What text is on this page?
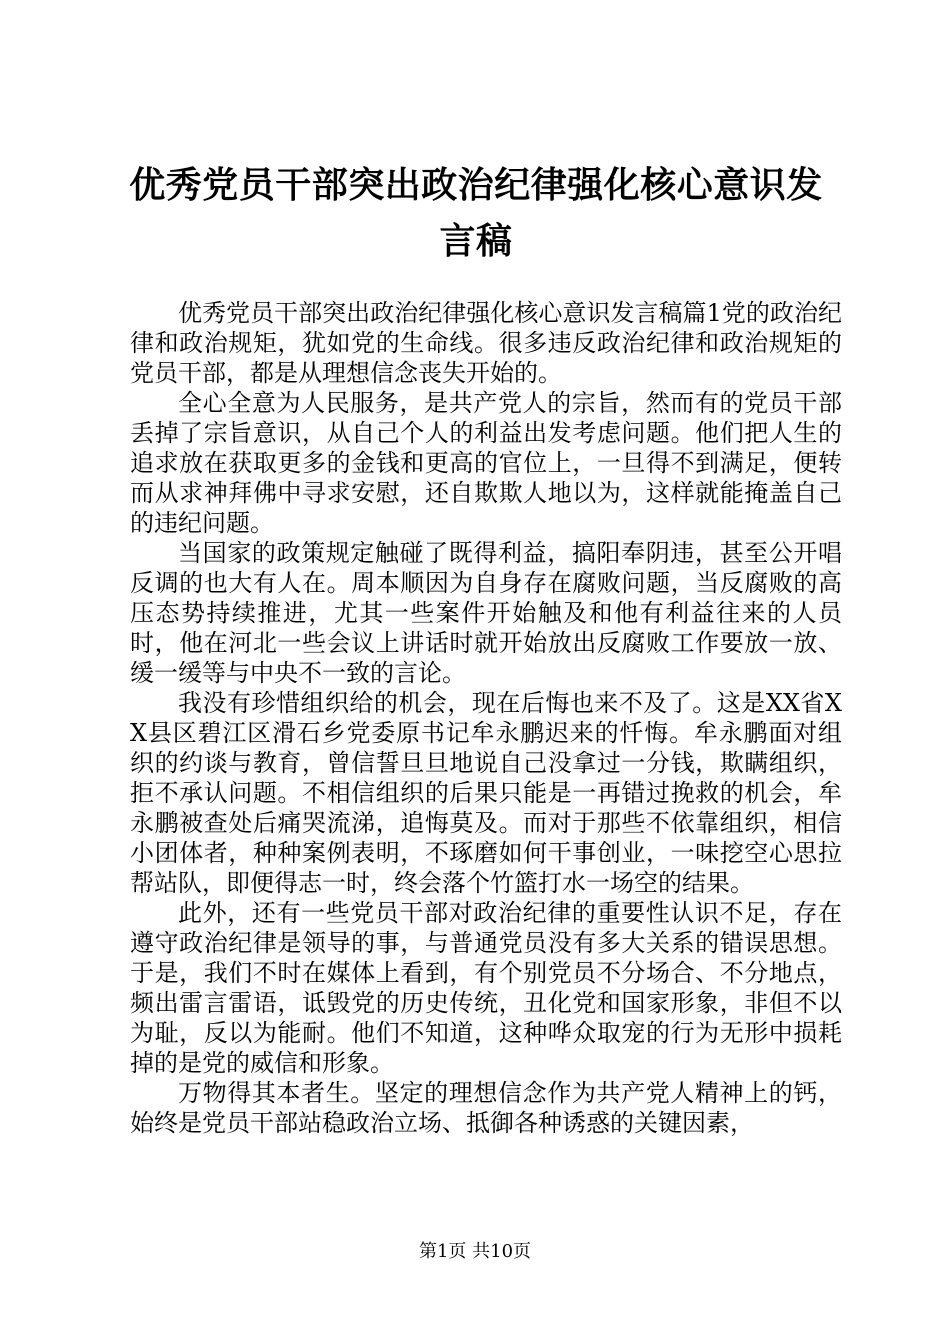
优秀党员干部突出政治纪律强化核心意识发言稿

优秀党员干部突出政治纪律强化核心意识发言稿篇1党的政治纪律和政治规矩，犹如党的生命线。很多违反政治纪律和政治规矩的党员干部，都是从理想信念丧失开始的。

全心全意为人民服务，是共产党人的宗旨，然而有的党员干部丢掉了宗旨意识，从自己个人的利益出发考虑问题。他们把人生的追求放在获取更多的金钱和更高的官位上，一旦得不到满足，便转而从求神拜佛中寻求安慰，还自欺欺人地以为，这样就能掩盖自己的违纪问题。

当国家的政策规定触碰了既得利益，搞阳奉阴违，甚至公开唱反调的也大有人在。周本顺因为自身存在腐败问题，当反腐败的高压态势持续推进，尤其一些案件开始触及和他有利益往来的人员时，他在河北一些会议上讲话时就开始放出反腐败工作要放一放、缓一缓等与中央不一致的言论。

我没有珍惜组织给的机会，现在后悔也来不及了。这是XX省XX县区碧江区滑石乡党委原书记牟永鹏迟来的忏悔。牟永鹏面对组织的约谈与教育，曾信誓旦旦地说自己没拿过一分钱，欺瞒组织，拒不承认问题。不相信组织的后果只能是一再错过挽救的机会，牟永鹏被查处后痛哭流涕，追悔莫及。而对于那些不依靠组织，相信小团体者，种种案例表明，不琢磨如何干事创业，一味挖空心思拉帮站队，即便得志一时，终会落个竹篮打水一场空的结果。

此外，还有一些党员干部对政治纪律的重要性认识不足，存在遵守政治纪律是领导的事，与普通党员没有多大关系的错误思想。于是，我们不时在媒体上看到，有个别党员不分场合、不分地点，频出雷言雷语，诋毁党的历史传统，丑化党和国家形象，非但不以为耻，反以为能耐。他们不知道，这种哗众取宠的行为无形中损耗掉的是党的威信和形象。

万物得其本者生。坚定的理想信念作为共产党人精神上的钙，始终是党员干部站稳政治立场、抵御各种诱惑的关键因素，

第1页 共10页
